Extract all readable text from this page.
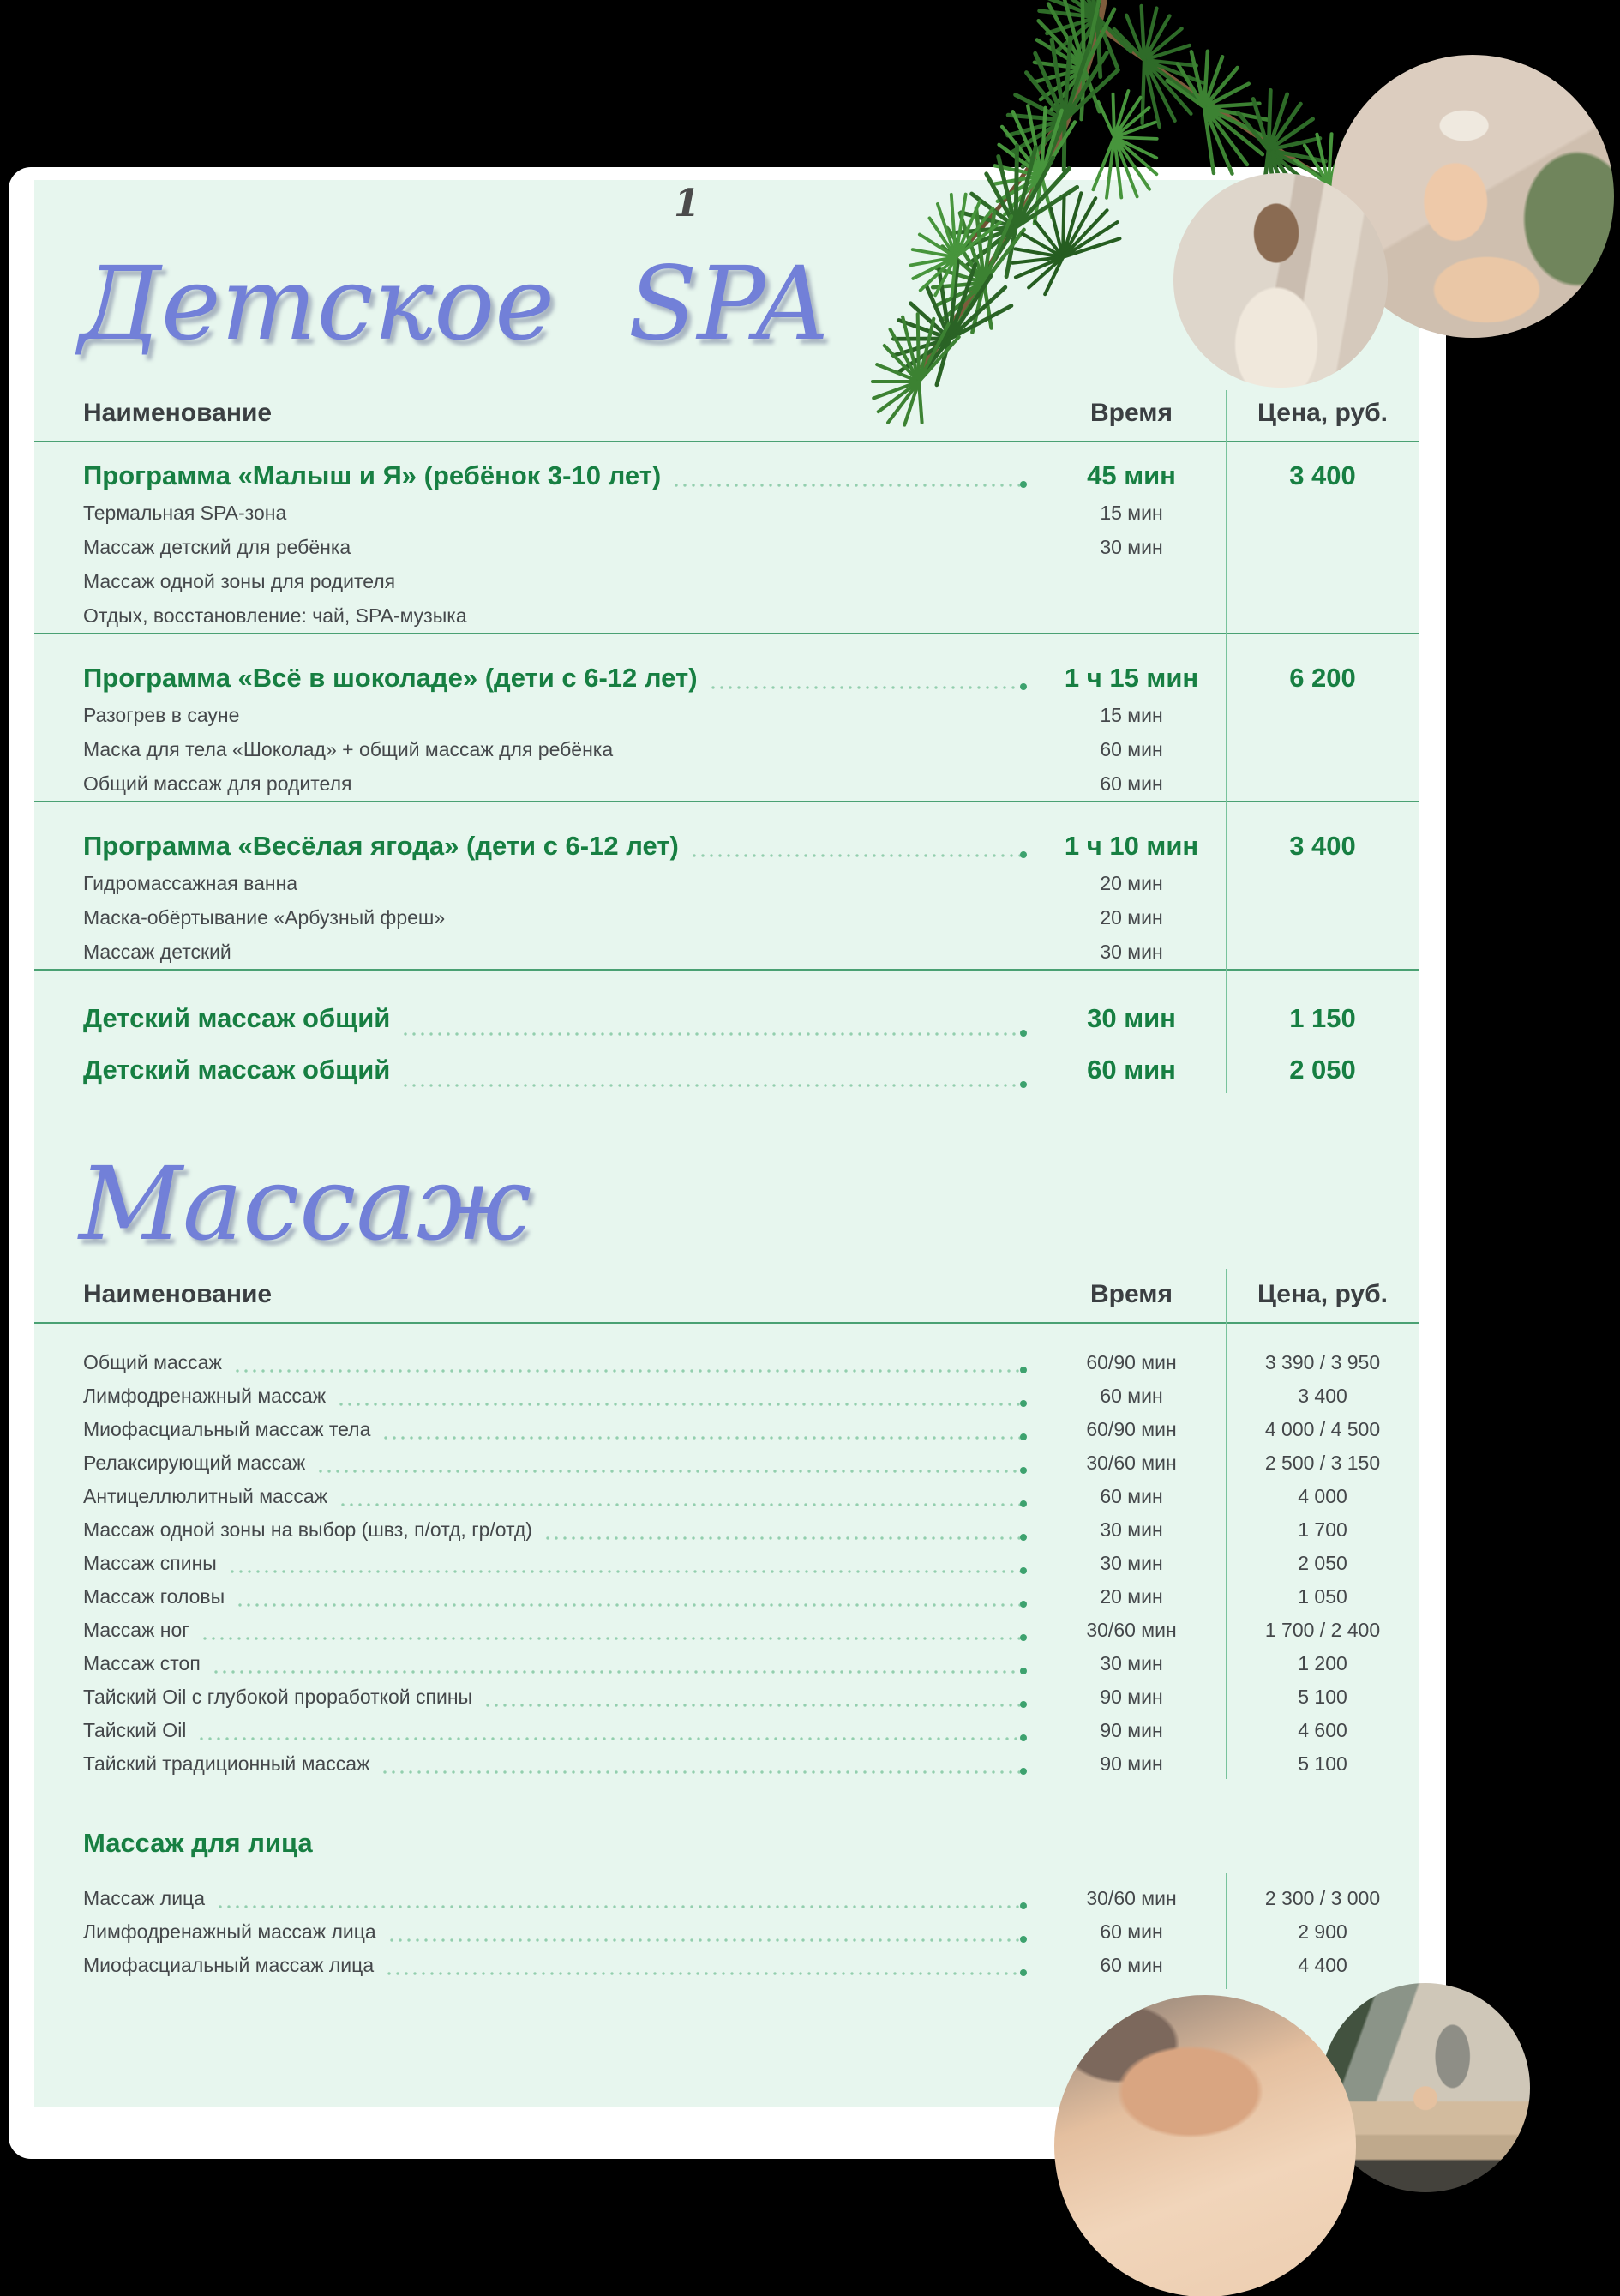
1
Детское SPA
Наименование	Время	Цена, руб.
Программа «Малыш и Я» (ребёнок 3-10 лет)	45 мин	3 400
Термальная SPA-зона	15 мин
Массаж детский для ребёнка	30 мин
Массаж одной зоны для родителя
Отдых, восстановление: чай, SPA-музыка
Программа «Всё в шоколаде» (дети с 6-12 лет)	1 ч 15 мин	6 200
Разогрев в сауне	15 мин
Маска для тела «Шоколад» + общий массаж для ребёнка	60 мин
Общий массаж для родителя	60 мин
Программа «Весёлая ягода» (дети с 6-12 лет)	1 ч 10 мин	3 400
Гидромассажная ванна	20 мин
Маска-обёртывание «Арбузный фреш»	20 мин
Массаж детский	30 мин
Детский массаж общий	30 мин	1 150
Детский массаж общий	60 мин	2 050
Массаж
Наименование	Время	Цена, руб.
Общий массаж	60/90 мин	3 390 / 3 950
Лимфодренажный массаж	60 мин	3 400
Миофасциальный массаж тела	60/90 мин	4 000 / 4 500
Релаксирующий массаж	30/60 мин	2 500 / 3 150
Антицеллюлитный массаж	60 мин	4 000
Массаж одной зоны на выбор (швз, п/отд, гр/отд)	30 мин	1 700
Массаж спины	30 мин	2 050
Массаж головы	20 мин	1 050
Массаж ног	30/60 мин	1 700 / 2 400
Массаж стоп	30 мин	1 200
Тайский Oil с глубокой проработкой спины	90 мин	5 100
Тайский Oil	90 мин	4 600
Тайский традиционный массаж	90 мин	5 100
Массаж для лица
Массаж лица	30/60 мин	2 300 / 3 000
Лимфодренажный массаж лица	60 мин	2 900
Миофасциальный массаж лица	60 мин	4 400
